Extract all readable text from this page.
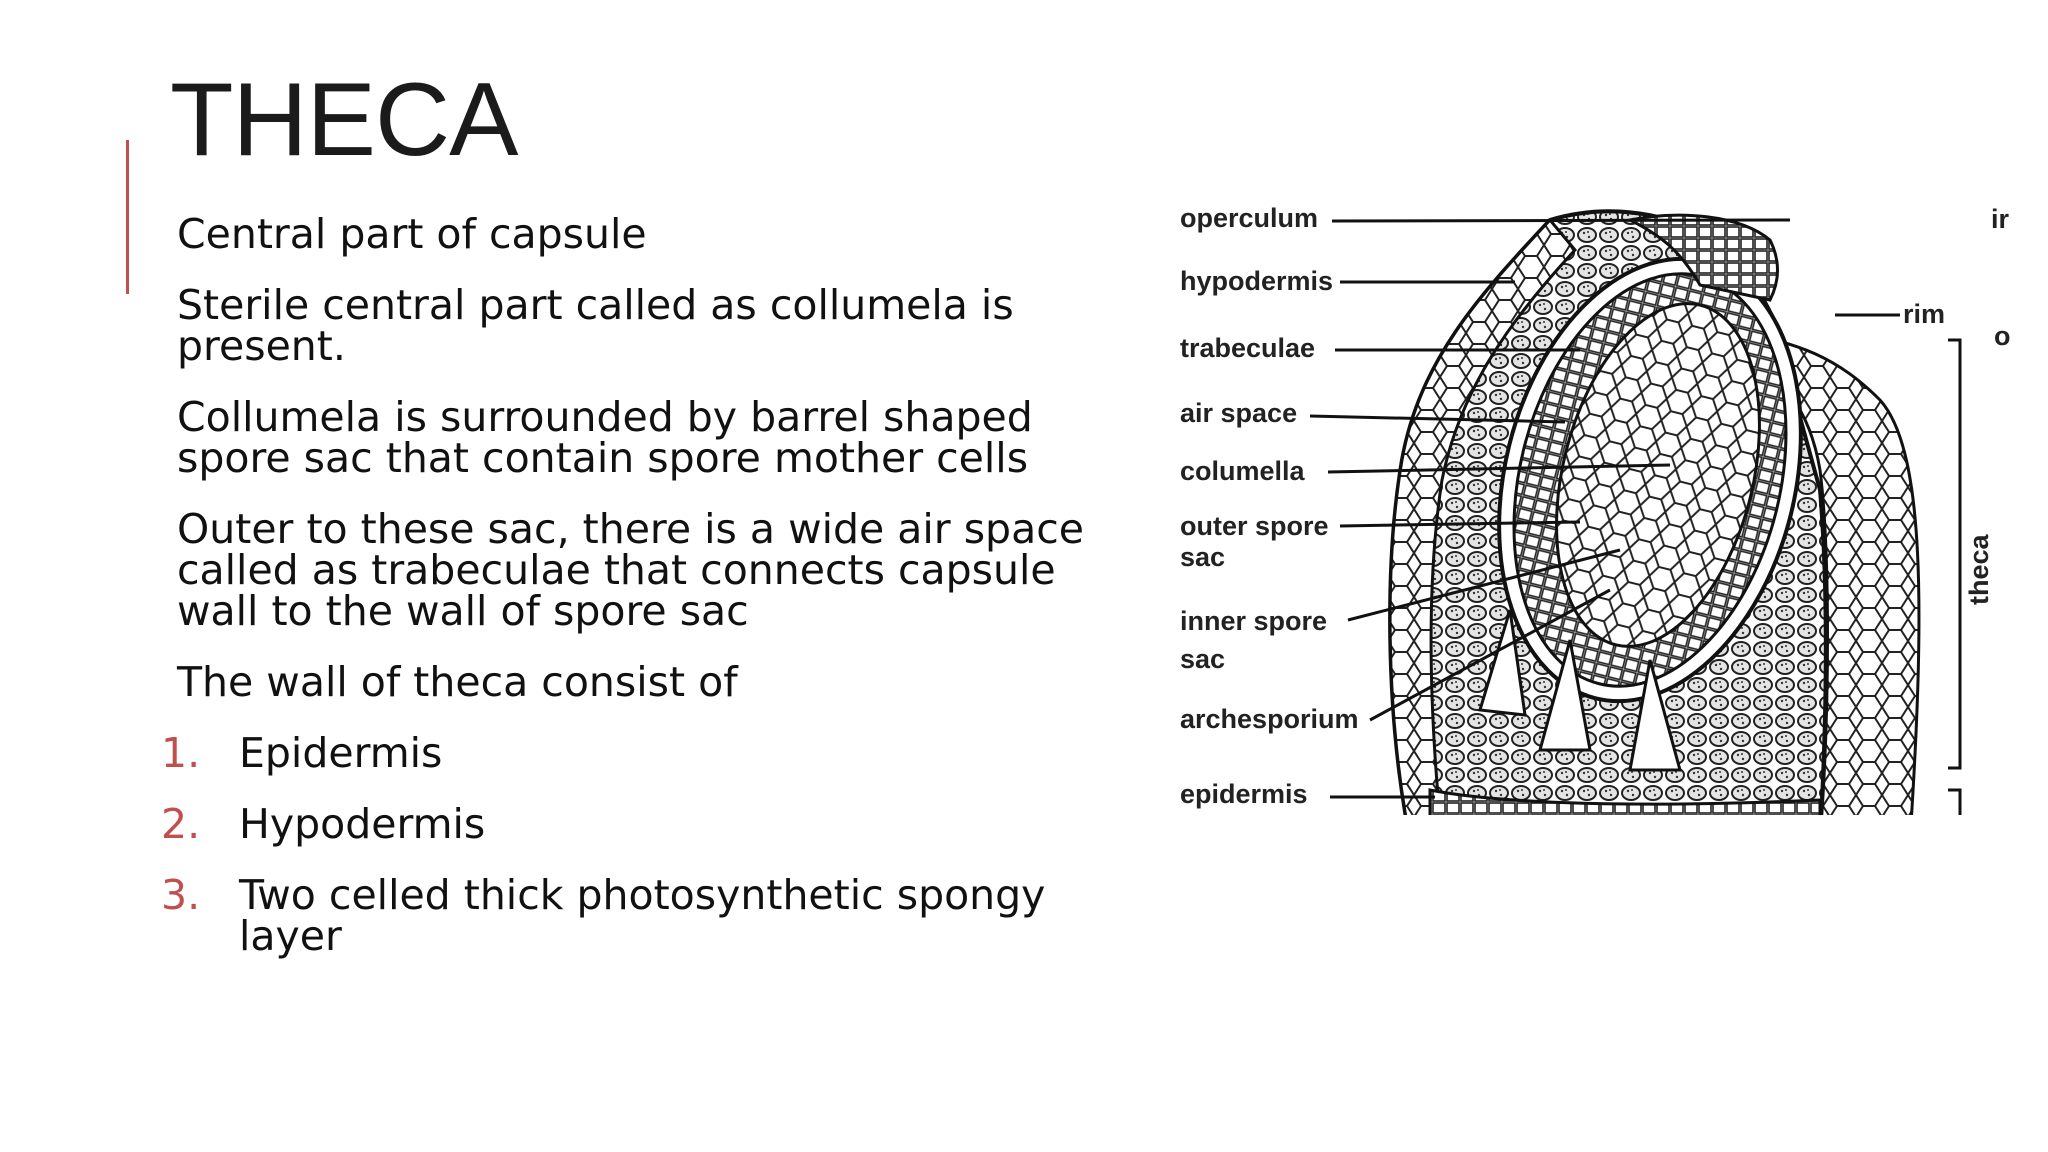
THECA

Central part of capsule

Sterile central part called as collumela is present.

Collumela is surrounded by barrel shaped spore sac that contain spore mother cells

Outer to these sac, there is a wide air space called as trabeculae that connects capsule wall to the wall of spore sac

The wall of theca consist of

1. Epidermis
2. Hypodermis
3. Two celled thick photosynthetic spongy layer
operculum
hypodermis
trabeculae
air space
columella
outer spore
sac
inner spore
sac
archesporium
epidermis
rim
ir
o
theca
